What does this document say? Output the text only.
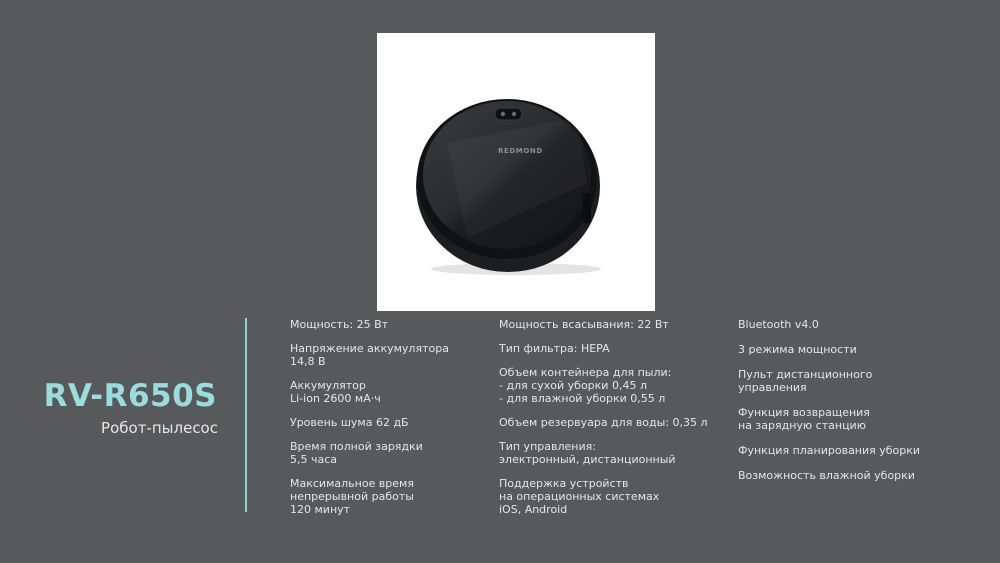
REDMOND
RV-R650S
Робот-пылесос
Мощность: 25 Вт
Напряжение аккумулятора
14,8 В
Аккумулятор
Li-ion 2600 мА·ч
Уровень шума 62 дБ
Время полной зарядки
5,5 часа
Максимальное время
непрерывной работы
120 минут
Мощность всасывания: 22 Вт
Тип фильтра: HEPA
Объем контейнера для пыли:
- для сухой уборки 0,45 л
- для влажной уборки 0,55 л
Объем резервуара для воды: 0,35 л
Тип управления:
электронный, дистанционный
Поддержка устройств
на операционных системах
iOS, Android
Bluetooth v4.0
3 режима мощности
Пульт дистанционного
управления
Функция возвращения
на зарядную станцию
Функция планирования уборки
Возможность влажной уборки
